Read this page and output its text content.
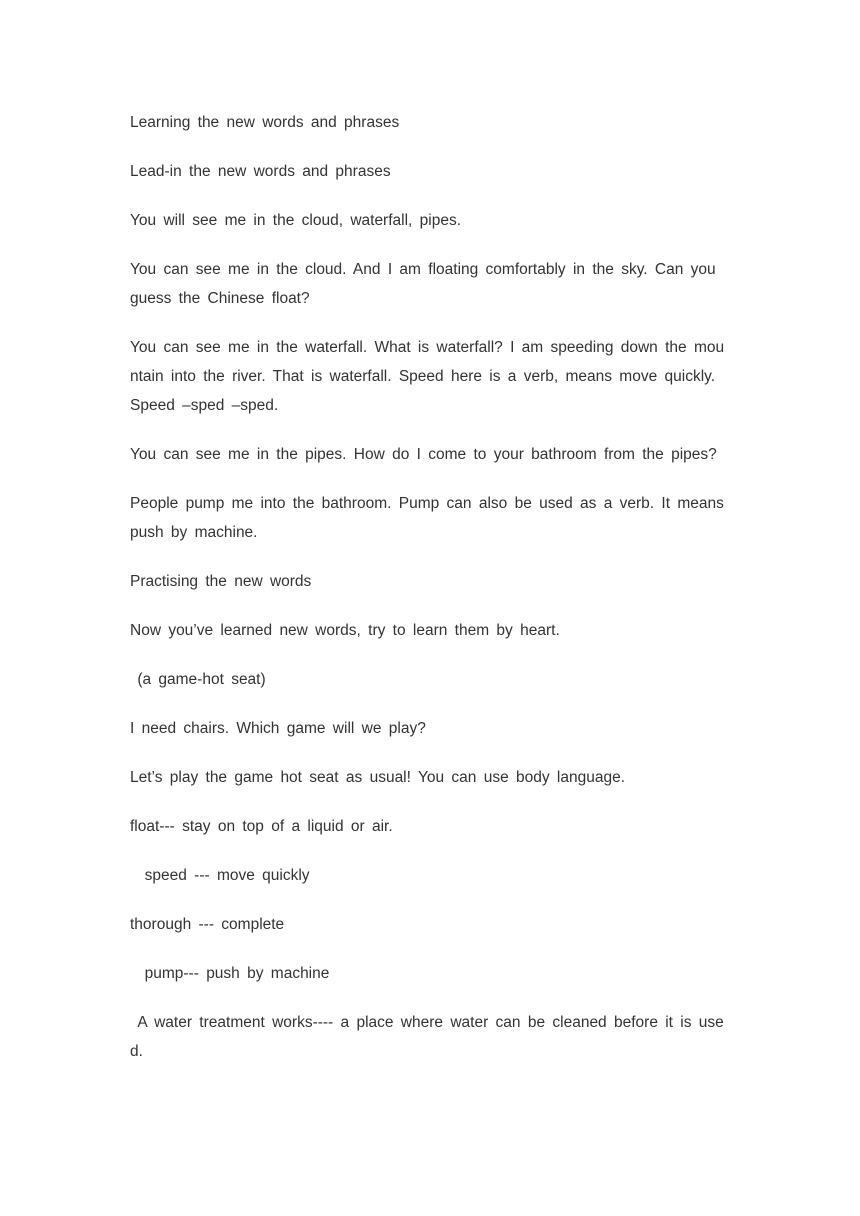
Learning the new words and phrases

Lead-in the new words and phrases

You will see me in the cloud, waterfall, pipes.

You can see me in the cloud. And I am floating comfortably in the sky. Can you guess the Chinese float?

You can see me in the waterfall. What is waterfall? I am speeding down the mountain into the river. That is waterfall. Speed here is a verb, means move quickly. Speed –sped –sped.

You can see me in the pipes. How do I come to your bathroom from the pipes?

People pump me into the bathroom. Pump can also be used as a verb. It means push by machine.

Practising the new words

Now you’ve learned new words, try to learn them by heart.

(a game-hot seat)

I need chairs. Which game will we play?

Let’s play the game hot seat as usual! You can use body language.

float--- stay on top of a liquid or air.

speed --- move quickly

thorough --- complete

pump--- push by machine

A water treatment works---- a place where water can be cleaned before it is used.
